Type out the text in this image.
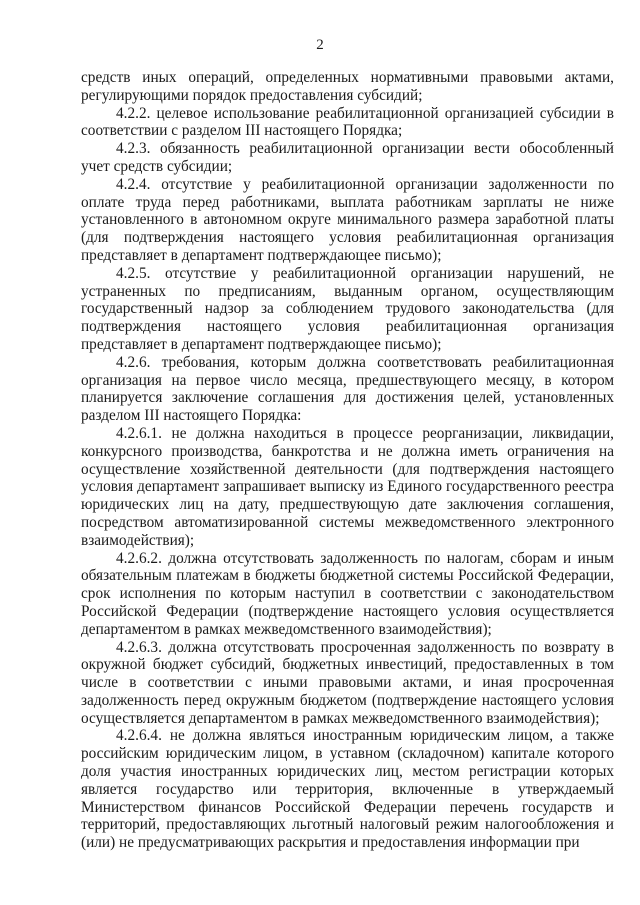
2

средств иных операций, определенных нормативными правовыми актами, регулирующими порядок предоставления субсидий;

4.2.2. целевое использование реабилитационной организацией субсидии в соответствии с разделом III настоящего Порядка;

4.2.3. обязанность реабилитационной организации вести обособленный учет средств субсидии;

4.2.4. отсутствие у реабилитационной организации задолженности по оплате труда перед работниками, выплата работникам зарплаты не ниже установленного в автономном округе минимального размера заработной платы (для подтверждения настоящего условия реабилитационная организация представляет в департамент подтверждающее письмо);

4.2.5. отсутствие у реабилитационной организации нарушений, не устраненных по предписаниям, выданным органом, осуществляющим государственный надзор за соблюдением трудового законодательства (для подтверждения настоящего условия реабилитационная организация представляет в департамент подтверждающее письмо);

4.2.6. требования, которым должна соответствовать реабилитационная организация на первое число месяца, предшествующего месяцу, в котором планируется заключение соглашения для достижения целей, установленных разделом III настоящего Порядка:

4.2.6.1. не должна находиться в процессе реорганизации, ликвидации, конкурсного производства, банкротства и не должна иметь ограничения на осуществление хозяйственной деятельности (для подтверждения настоящего условия департамент запрашивает выписку из Единого государственного реестра юридических лиц на дату, предшествующую дате заключения соглашения, посредством автоматизированной системы межведомственного электронного взаимодействия);

4.2.6.2. должна отсутствовать задолженность по налогам, сборам и иным обязательным платежам в бюджеты бюджетной системы Российской Федерации, срок исполнения по которым наступил в соответствии с законодательством Российской Федерации (подтверждение настоящего условия осуществляется департаментом в рамках межведомственного взаимодействия);

4.2.6.3. должна отсутствовать просроченная задолженность по возврату в окружной бюджет субсидий, бюджетных инвестиций, предоставленных в том числе в соответствии с иными правовыми актами, и иная просроченная задолженность перед окружным бюджетом (подтверждение настоящего условия осуществляется департаментом в рамках межведомственного взаимодействия);

4.2.6.4. не должна являться иностранным юридическим лицом, а также российским юридическим лицом, в уставном (складочном) капитале которого доля участия иностранных юридических лиц, местом регистрации которых является государство или территория, включенные в утверждаемый Министерством финансов Российской Федерации перечень государств и территорий, предоставляющих льготный налоговый режим налогообложения и (или) не предусматривающих раскрытия и предоставления информации при
